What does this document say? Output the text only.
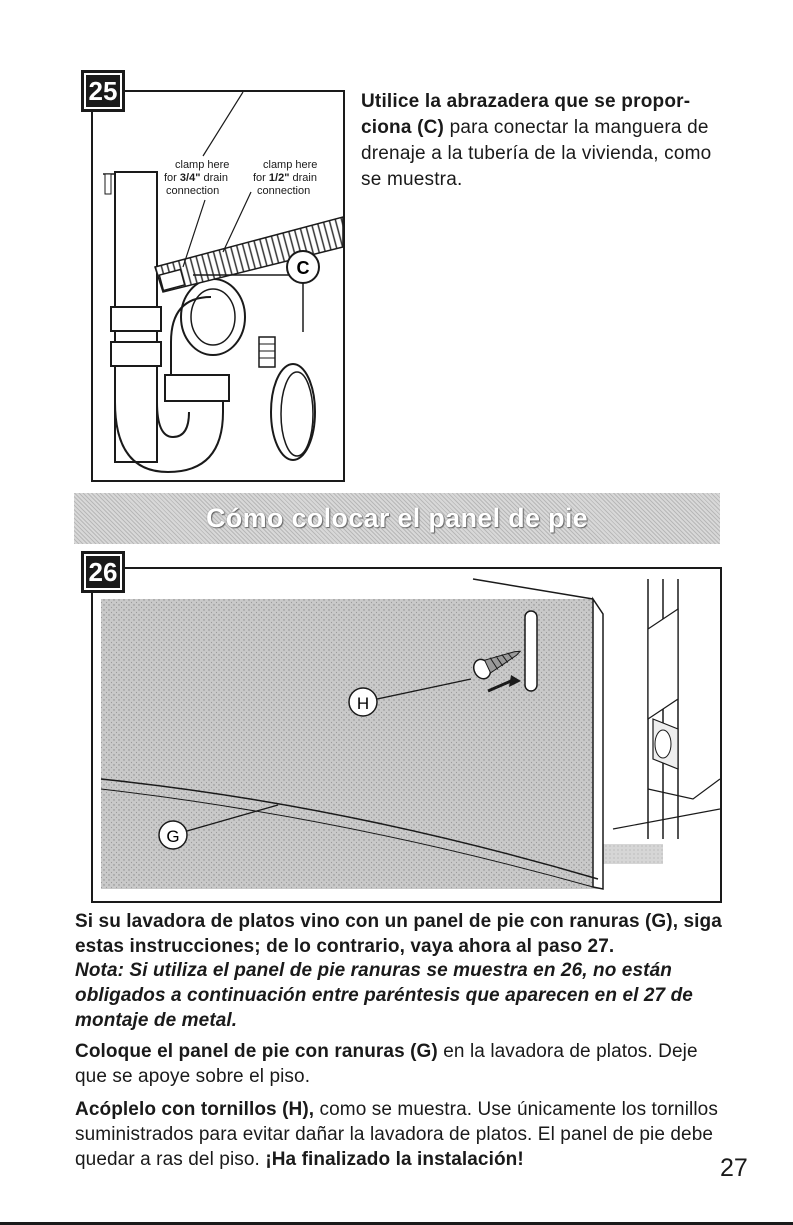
C
clamp here
for 3/4" drain
connection
clamp here
for 1/2" drain
connection
25	Utilice la abrazadera que se propor-ciona (C) para conectar la manguera de drenaje a la tubería de la vivienda, como se muestra.
Cómo colocar el panel de pie
H
G
26
Si su lavadora de platos vino con un panel de pie con ranuras (G), siga estas instrucciones; de lo contrario, vaya ahora al paso 27.
Nota: Si utiliza el panel de pie ranuras se muestra en 26, no están obligados a continuación entre paréntesis que aparecen en el 27 de montaje de metal.
Coloque el panel de pie con ranuras (G) en la lavadora de platos. Deje que se apoye sobre el piso.
Acóplelo con tornillos (H), como se muestra. Use únicamente los tornillos suministrados para evitar dañar la lavadora de platos. El panel de pie debe quedar a ras del piso. ¡Ha finalizado la instalación!	27
